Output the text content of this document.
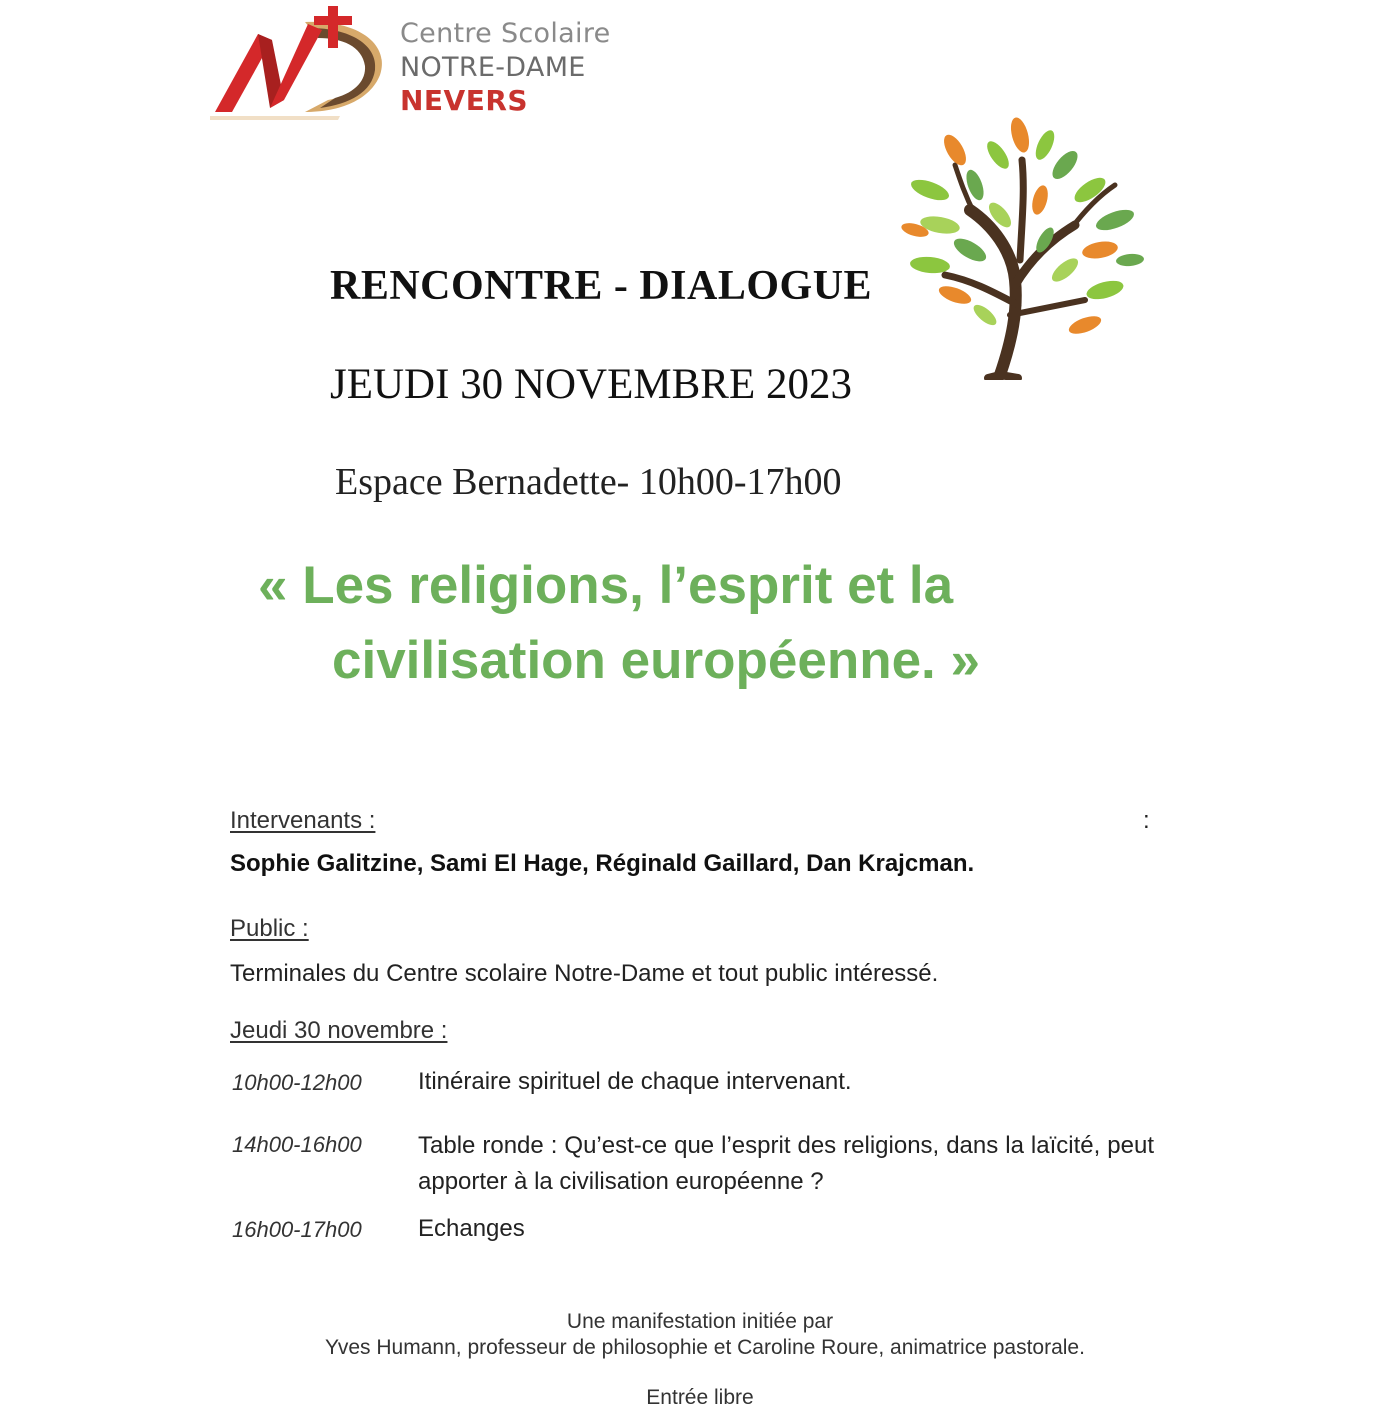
Centre Scolaire
NOTRE-DAME
NEVERS
RENCONTRE - DIALOGUE
JEUDI 30 NOVEMBRE 2023
Espace Bernadette- 10h00-17h00
« Les religions, l’esprit et la
civilisation européenne. »
Intervenants :	:
Sophie Galitzine, Sami El Hage, Réginald Gaillard, Dan Krajcman.
Public :
Terminales du Centre scolaire Notre-Dame et tout public intéressé.
Jeudi 30 novembre :
10h00-12h00 Itinéraire spirituel de chaque intervenant.
14h00-16h00 Table ronde : Qu’est-ce que l’esprit des religions, dans la laïcité, peut apporter à la civilisation européenne ?
16h00-17h00 Echanges
Une manifestation initiée par
Yves Humann, professeur de philosophie et Caroline Roure, animatrice pastorale.
Entrée libre
